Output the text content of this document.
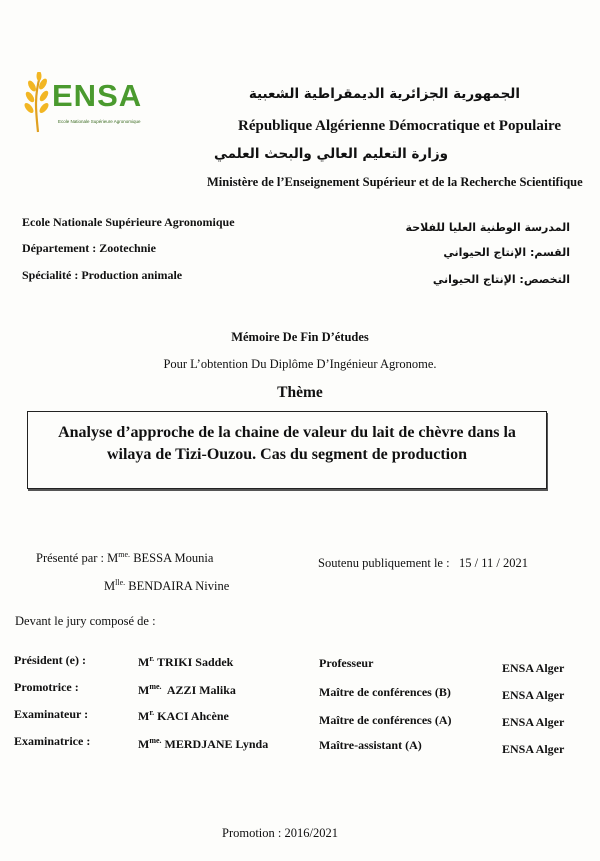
ENSA
Ecole Nationale Supérieure Agronomique
الجمهورية الجزائرية الديمقراطية الشعبية
République Algérienne Démocratique et Populaire
وزارة التعليم العالي والبحث العلمي
Ministère de l’Enseignement Supérieur et de la Recherche Scientifique
Ecole Nationale Supérieure Agronomique
Département : Zootechnie
Spécialité : Production animale
المدرسة الوطنية العليا للفلاحة
القسم: الإنتاج الحيواني
التخصص: الإنتاج الحيواني
Mémoire De Fin D’études
Pour L’obtention Du Diplôme D’Ingénieur Agronome.
Thème
Analyse d’approche de la chaine de valeur du lait de chèvre dans la
wilaya de Tizi-Ouzou. Cas du segment de production
Présenté par : $M^{me.}$ BESSA Mounia
$M^{lle.}$ BENDAIRA Nivine
Soutenu publiquement le : 15 / 11 / 2021
Devant le jury composé de :
Président (e) :	$M^{r.}$ TRIKI Saddek	Professeur	ENSA Alger
Promotrice :	$M^{me.}$ AZZI Malika	Maître de conférences (B)	ENSA Alger
Examinateur :	$M^{r.}$ KACI Ahcène	Maître de conférences (A)	ENSA Alger
Examinatrice :	$M^{me.}$ MERDJANE Lynda	Maître-assistant (A)	ENSA Alger
Promotion : 2016/2021
